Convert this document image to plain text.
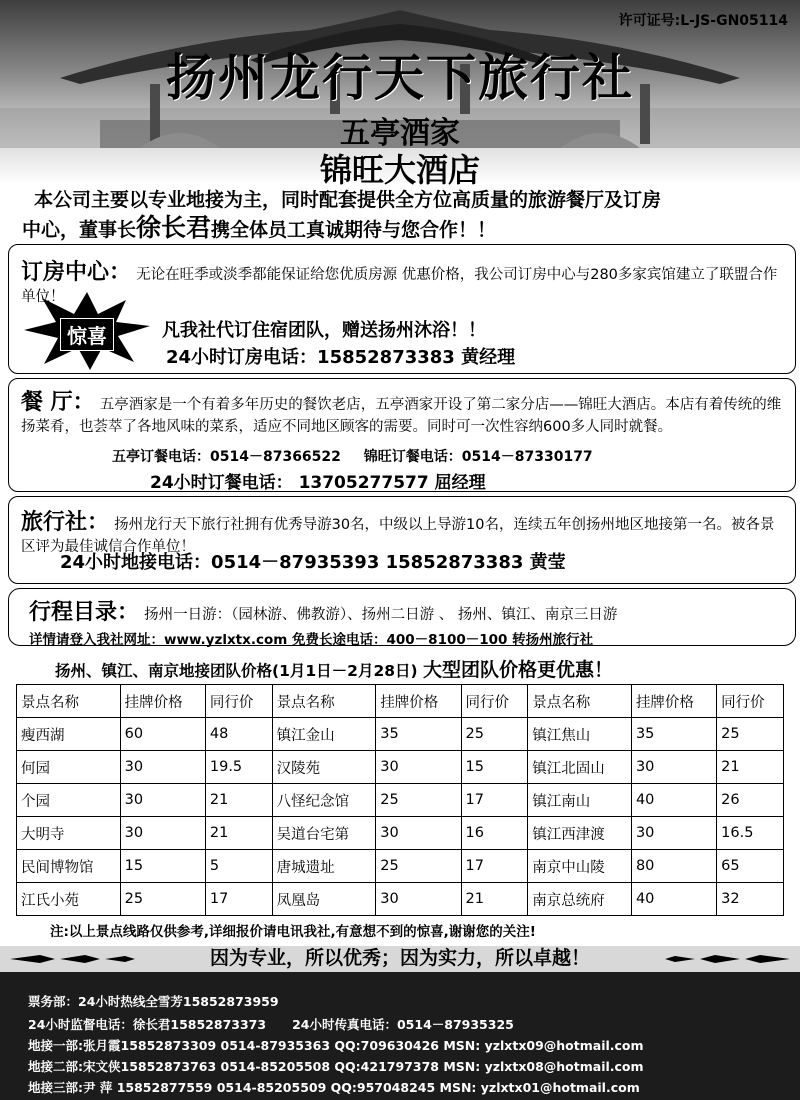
许可证号:L-JS-GN05114
扬州龙行天下旅行社
五亭酒家
锦旺大酒店
本公司主要以专业地接为主，同时配套提供全方位高质量的旅游餐厅及订房
中心，董事长徐长君携全体员工真诚期待与您合作！！
订房中心： 无论在旺季或淡季都能保证给您优质房源 优惠价格，我公司订房中心与280多家宾馆建立了联盟合作单位！
惊喜	凡我社代订住宿团队，赠送扬州沐浴！！
24小时订房电话：15852873383 黄经理
餐 厅： 五亭酒家是一个有着多年历史的餐饮老店，五亭酒家开设了第二家分店——锦旺大酒店。本店有着传统的维扬菜肴，也荟萃了各地风味的菜系，适应不同地区顾客的需要。同时可一次性容纳600多人同时就餐。
五亭订餐电话：0514－87366522 锦旺订餐电话：0514－87330177
24小时订餐电话： 13705277577 屈经理
旅行社： 扬州龙行天下旅行社拥有优秀导游30名，中级以上导游10名，连续五年创扬州地区地接第一名。被各景区评为最佳诚信合作单位！
24小时地接电话：0514－87935393 15852873383 黄莹
行程目录： 扬州一日游：（园林游、佛教游）、扬州二日游 、 扬州、镇江、南京三日游
详情请登入我社网址：www.yzlxtx.com 免费长途电话：400－8100－100 转扬州旅行社
扬州、镇江、南京地接团队价格(1月1日－2月28日) 大型团队价格更优惠！
景点名称	挂牌价格	同行价	景点名称	挂牌价格	同行价	景点名称	挂牌价格	同行价
瘦西湖	60	48	镇江金山	35	25	镇江焦山	35	25
何园	30	19.5	汉陵苑	30	15	镇江北固山	30	21
个园	30	21	八怪纪念馆	25	17	镇江南山	40	26
大明寺	30	21	吴道台宅第	30	16	镇江西津渡	30	16.5
民间博物馆	15	5	唐城遗址	25	17	南京中山陵	80	65
江氏小苑	25	17	凤凰岛	30	21	南京总统府	40	32
注:以上景点线路仅供参考,详细报价请电讯我社,有意想不到的惊喜,谢谢您的关注!
因为专业，所以优秀；因为实力，所以卓越！
票务部：24小时热线全雪芳15852873959
24小时监督电话：徐长君15852873373 24小时传真电话：0514－87935325
地接一部:张月霞15852873309 0514-87935363 QQ:709630426 MSN: yzlxtx09@hotmail.com
地接二部:宋文侠15852873763 0514-85205508 QQ:421797378 MSN: yzlxtx08@hotmail.com
地接三部:尹 萍 15852877559 0514-85205509 QQ:957048245 MSN: yzlxtx01@hotmail.com
